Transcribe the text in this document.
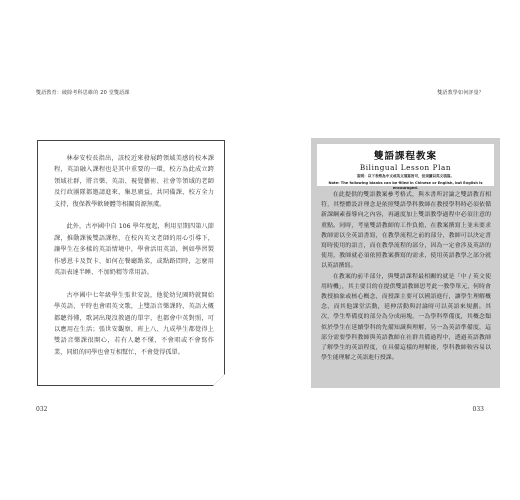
雙語教育：破除考科思維的 20 堂雙語課	雙語教學如何評量？

林奉安校長指出，該校近來發展跨領域美感的校本課程，英語融入課程也是其中重要的一環，校方為此成立跨領域社群，將音樂、英語、視覺藝術、社會等領域的老師及行政團隊都邀請進來，集思廣益，共同備課，校方全力支持，復保教學軟硬體等相關資源無虞。

此外，古亭國中自 106 學年度起，利用星期四第八節課，推動課後雙語課程，在校內英文老師的用心引導下，讓學生在多樣的英語情境中，學會活用英語，例如學習製作感恩卡及賀卡、如何在餐廳點菜，或點路問時，怎麼用英語表達半睡、不加奶精等常用語。

古亭國中七年級學生張世安說，他從幼兒園時就開始學英語，平時也會唱英文歌，上雙語音樂課時，英語大概都聽得懂，歌詞出現沒教過的單字，也都會中英對照，可以應用在生活；張世安觀察，班上八、九成學生都覺得上雙語音樂課很開心，若有人聽不懂，不會唱或不會寫作業，同組的同學也會互相幫忙，不會覺得孤單。

雙語課程教案
Bilingual Lesson Plan
說明：以下表格為中文或英文填寫皆可，但須擴以英文填寫。
Note: The following blanks can be filled in Chinese or English, but English is encouraged.

在此提供的雙語教案參考格式，與本書所討論之雙語教育相符，其整體設計理念是依照雙語學科教師在教授學科時必須依循新課綱素養導向之內容，再適度加上雙語教學過程中必須注意的重點。同時，考量雙語教師的工作負擔，在教案撰寫上並未要求教師需以全英語書寫，在教學流程之前的部分，教師可以決定書寫時使用的語言，而在教學流程的部分，因為一定會涉及英語的使用，教師就必須依照教案撰寫的需求，使用英語教學之部分就以英語撰寫。

在教案的前半部分，與雙語課程最相關的就是「中 / 英文使用時機」，其主要目的在提供雙語教師思考此一教學單元，何時會教授抽象或核心概念，而授課主要可以國語進行，讓學生理解概念，而其他課堂活動，延伸活動與討論時可以英語來規劃。其次，學生準備度的部分為分成兩塊，一為學科準備度，其概念類似於學生在延續學科的先備知識與理解，另一為英語準備度，這部分需要學科教師與英語教師在社群共備過程中，透過英語教師了解學生的英語程度，在具備這樣的理解後，學科教師較容易以學生能理解之英語進行授課。

032	033
